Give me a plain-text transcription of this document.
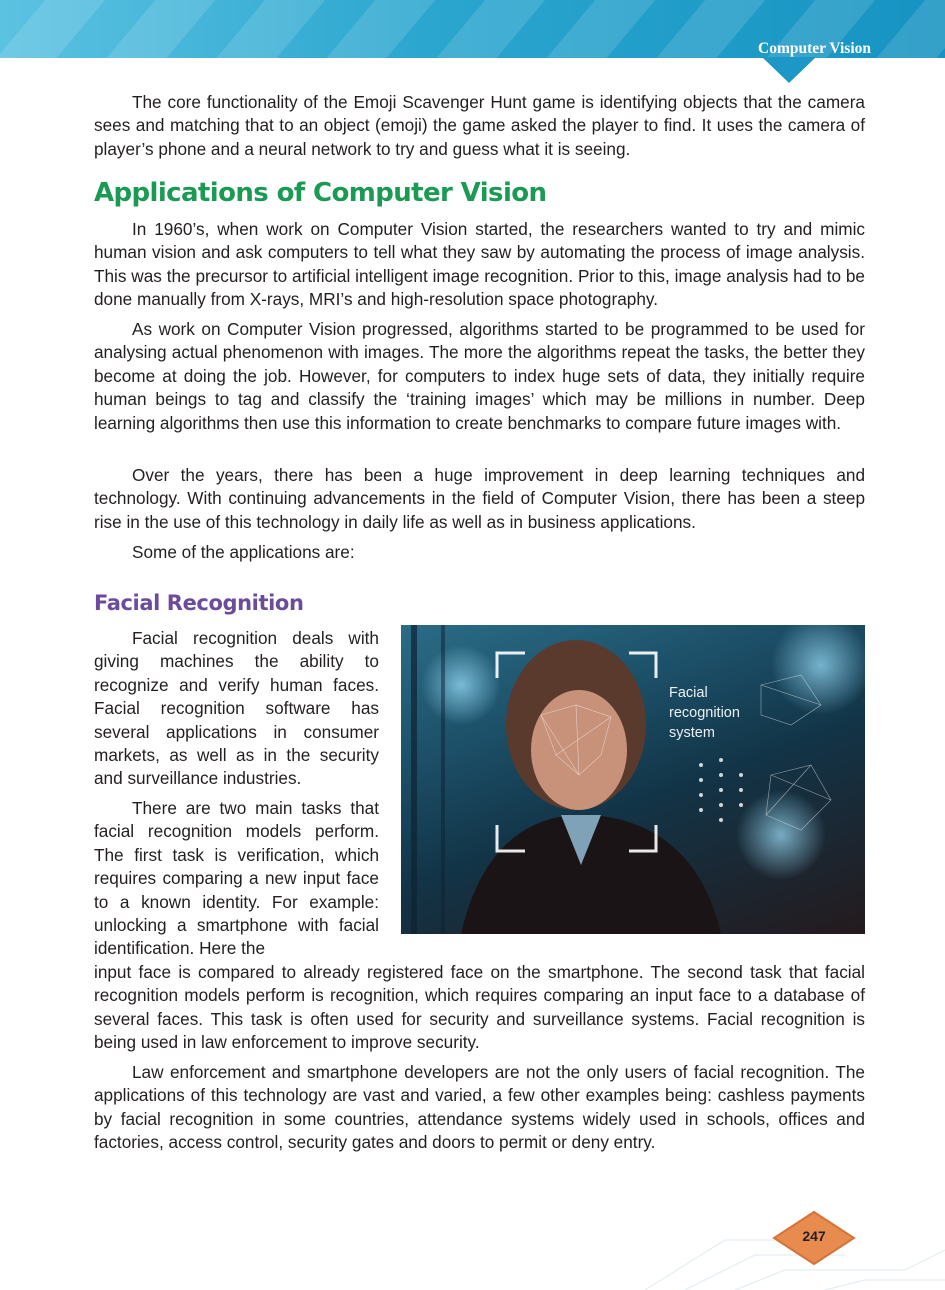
Computer Vision

The core functionality of the Emoji Scavenger Hunt game is identifying objects that the camera sees and matching that to an object (emoji) the game asked the player to find. It uses the camera of player’s phone and a neural network to try and guess what it is seeing.

Applications of Computer Vision

In 1960’s, when work on Computer Vision started, the researchers wanted to try and mimic human vision and ask computers to tell what they saw by automating the process of image analysis. This was the precursor to artificial intelligent image recognition. Prior to this, image analysis had to be done manually from X-rays, MRI’s and high-resolution space photography.

As work on Computer Vision progressed, algorithms started to be programmed to be used for analysing actual phenomenon with images. The more the algorithms repeat the tasks, the better they become at doing the job. However, for computers to index huge sets of data, they initially require human beings to tag and classify the ‘training images’ which may be millions in number. Deep learning algorithms then use this information to create benchmarks to compare future images with.

Over the years, there has been a huge improvement in deep learning techniques and technology. With continuing advancements in the field of Computer Vision, there has been a steep rise in the use of this technology in daily life as well as in business applications.

Some of the applications are:

Facial Recognition

Facial recognition deals with giving machines the ability to recognize and verify human faces. Facial recognition software has several applications in consumer markets, as well as in the security and surveillance industries.

There are two main tasks that facial recognition models perform. The first task is verification, which requires comparing a new input face to a known identity. For example: unlocking a smartphone with facial identification. Here the

input face is compared to already registered face on the smartphone. The second task that facial recognition models perform is recognition, which requires comparing an input face to a database of several faces. This task is often used for security and surveillance systems. Facial recognition is being used in law enforcement to improve security.

Law enforcement and smartphone developers are not the only users of facial recognition. The applications of this technology are vast and varied, a few other examples being: cashless payments by facial recognition in some countries, attendance systems widely used in schools, offices and factories, access control, security gates and doors to permit or deny entry.

Facial recognition system
247
